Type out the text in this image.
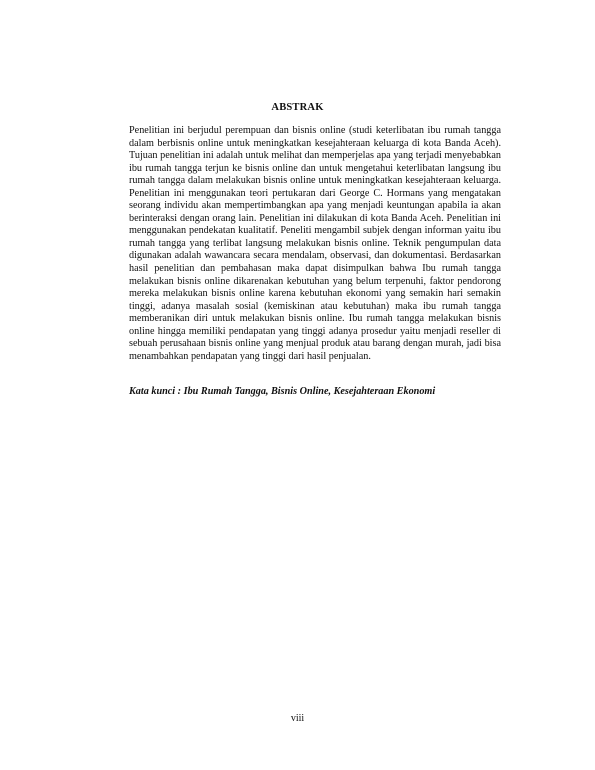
ABSTRAK

Penelitian ini berjudul perempuan dan bisnis online (studi keterlibatan ibu rumah tangga dalam berbisnis online untuk meningkatkan kesejahteraan keluarga di kota Banda Aceh). Tujuan penelitian ini adalah untuk melihat dan memperjelas apa yang terjadi menyebabkan ibu rumah tangga terjun ke bisnis online dan untuk mengetahui keterlibatan langsung ibu rumah tangga dalam melakukan bisnis online untuk meningkatkan kesejahteraan keluarga. Penelitian ini menggunakan teori pertukaran dari George C. Hormans yang mengatakan seorang individu akan mempertimbangkan apa yang menjadi keuntungan apabila ia akan berinteraksi dengan orang lain. Penelitian ini dilakukan di kota Banda Aceh. Penelitian ini menggunakan pendekatan kualitatif. Peneliti mengambil subjek dengan informan yaitu ibu rumah tangga yang terlibat langsung melakukan bisnis online. Teknik pengumpulan data digunakan adalah wawancara secara mendalam, observasi, dan dokumentasi. Berdasarkan hasil penelitian dan pembahasan maka dapat disimpulkan bahwa Ibu rumah tangga melakukan bisnis online dikarenakan kebutuhan yang belum terpenuhi, faktor pendorong mereka melakukan bisnis online karena kebutuhan ekonomi yang semakin hari semakin tinggi, adanya masalah sosial (kemiskinan atau kebutuhan) maka ibu rumah tangga memberanikan diri untuk melakukan bisnis online. Ibu rumah tangga melakukan bisnis online hingga memiliki pendapatan yang tinggi adanya prosedur yaitu menjadi reseller di sebuah perusahaan bisnis online yang menjual produk atau barang dengan murah, jadi bisa menambahkan pendapatan yang tinggi dari hasil penjualan.

Kata kunci : Ibu Rumah Tangga, Bisnis Online, Kesejahteraan Ekonomi
viii
